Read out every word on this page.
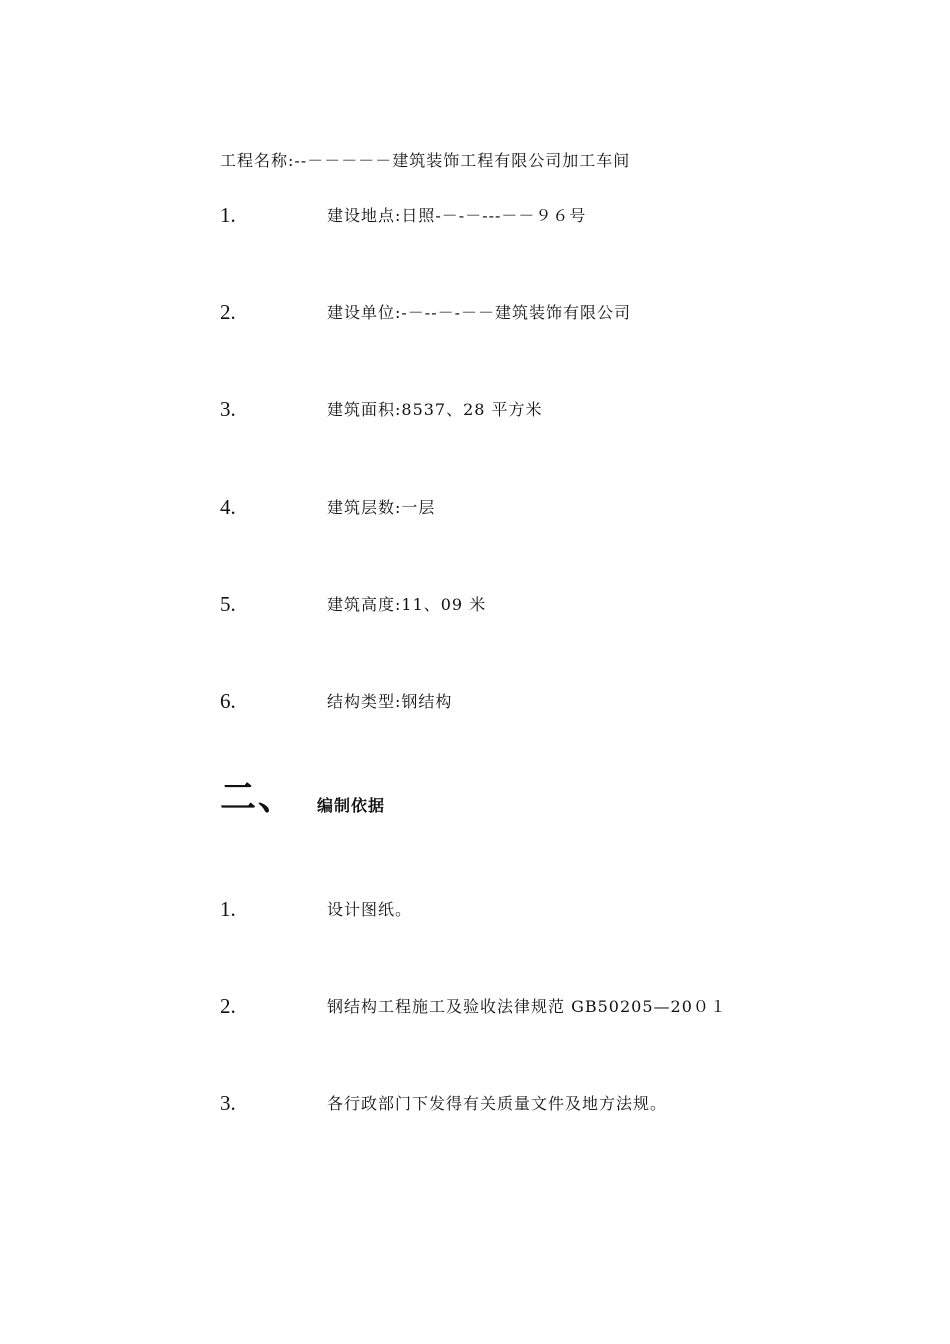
工程名称:--－－－－－建筑装饰工程有限公司加工车间
1.	建设地点:日照-－-－---－－９６号
2.	建设单位:-－--－-－－建筑装饰有限公司
3.	建筑面积:8537、28 平方米
4.	建筑层数:一层
5.	建筑高度:11、09 米
6.	结构类型:钢结构
二、 编制依据
1.	设计图纸。
2.	钢结构工程施工及验收法律规范 GB50205—20０１
3.	各行政部门下发得有关质量文件及地方法规。
